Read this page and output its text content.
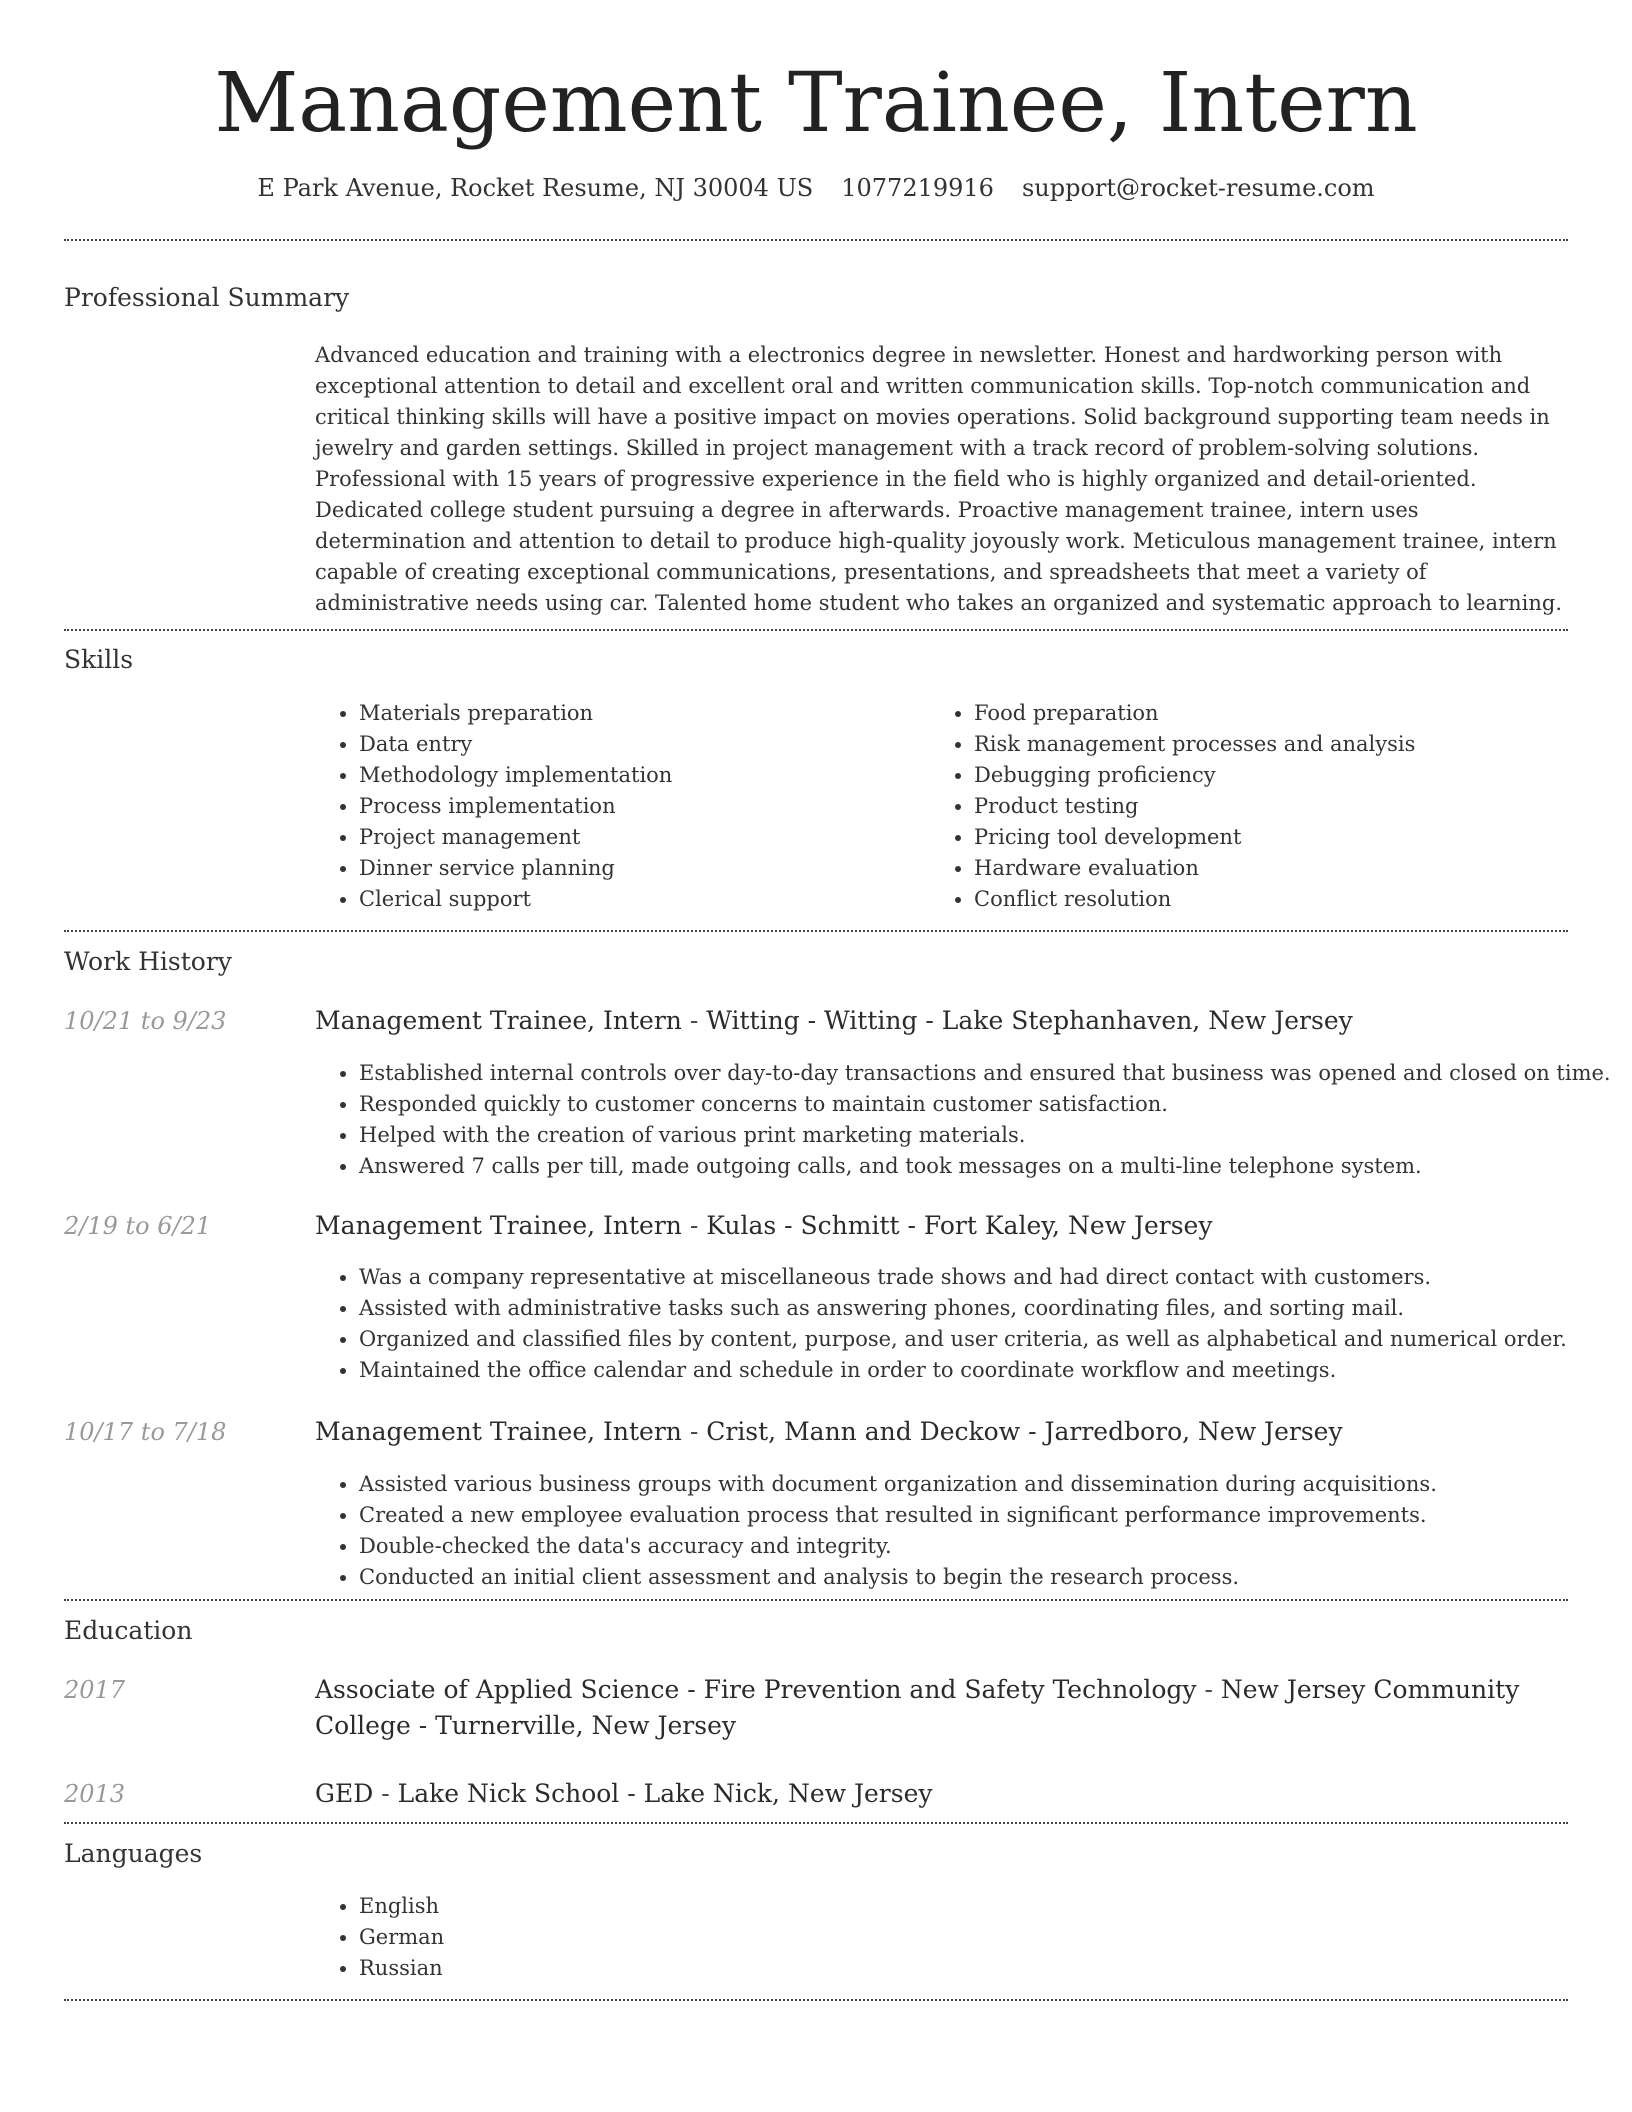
Management Trainee, Intern
E Park Avenue, Rocket Resume, NJ 30004 US 1077219916 support@rocket-resume.com
Professional Summary
Advanced education and training with a electronics degree in newsletter. Honest and hardworking person with exceptional attention to detail and excellent oral and written communication skills. Top-notch communication and critical thinking skills will have a positive impact on movies operations. Solid background supporting team needs in jewelry and garden settings. Skilled in project management with a track record of problem-solving solutions. Professional with 15 years of progressive experience in the field who is highly organized and detail-oriented. Dedicated college student pursuing a degree in afterwards. Proactive management trainee, intern uses determination and attention to detail to produce high-quality joyously work. Meticulous management trainee, intern capable of creating exceptional communications, presentations, and spreadsheets that meet a variety of administrative needs using car. Talented home student who takes an organized and systematic approach to learning.
Skills
• Materials preparation
• Data entry
• Methodology implementation
• Process implementation
• Project management
• Dinner service planning
• Clerical support
• Food preparation
• Risk management processes and analysis
• Debugging proficiency
• Product testing
• Pricing tool development
• Hardware evaluation
• Conflict resolution
Work History
10/21 to 9/23	Management Trainee, Intern - Witting - Witting - Lake Stephanhaven, New Jersey
• Established internal controls over day-to-day transactions and ensured that business was opened and closed on time.
• Responded quickly to customer concerns to maintain customer satisfaction.
• Helped with the creation of various print marketing materials.
• Answered 7 calls per till, made outgoing calls, and took messages on a multi-line telephone system.
2/19 to 6/21	Management Trainee, Intern - Kulas - Schmitt - Fort Kaley, New Jersey
• Was a company representative at miscellaneous trade shows and had direct contact with customers.
• Assisted with administrative tasks such as answering phones, coordinating files, and sorting mail.
• Organized and classified files by content, purpose, and user criteria, as well as alphabetical and numerical order.
• Maintained the office calendar and schedule in order to coordinate workflow and meetings.
10/17 to 7/18	Management Trainee, Intern - Crist, Mann and Deckow - Jarredboro, New Jersey
• Assisted various business groups with document organization and dissemination during acquisitions.
• Created a new employee evaluation process that resulted in significant performance improvements.
• Double-checked the data's accuracy and integrity.
• Conducted an initial client assessment and analysis to begin the research process.
Education
2017	Associate of Applied Science - Fire Prevention and Safety Technology - New Jersey Community College - Turnerville, New Jersey
2013	GED - Lake Nick School - Lake Nick, New Jersey
Languages
• English
• German
• Russian
